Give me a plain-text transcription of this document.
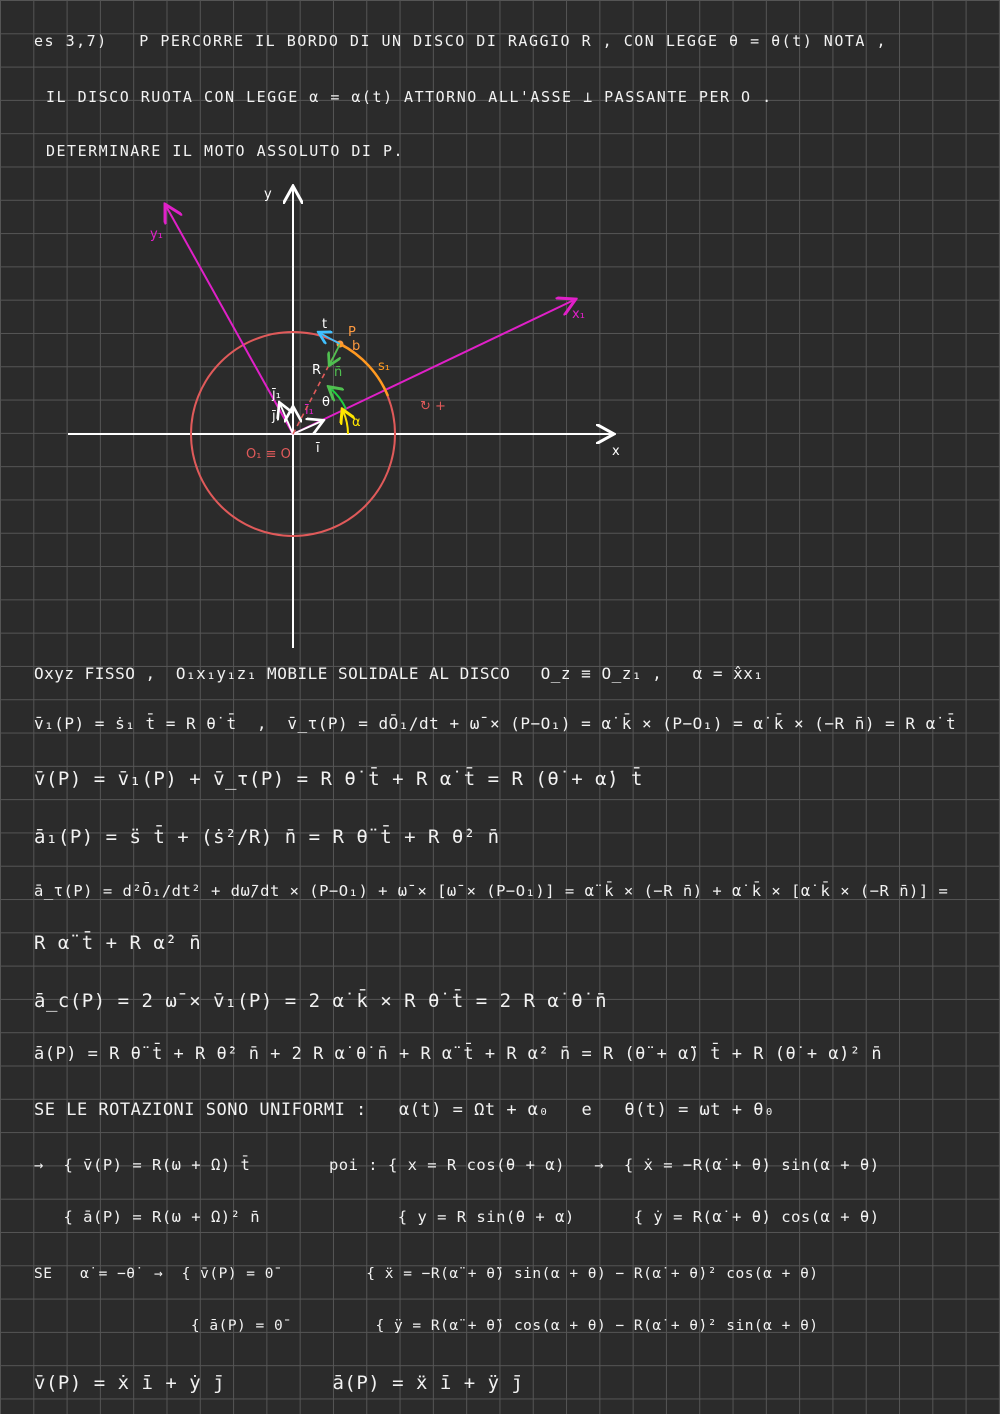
es 3,7)   P PERCORRE IL BORDO DI UN DISCO DI RAGGIO R , CON LEGGE θ = θ(t) NOTA ,
IL DISCO RUOTA CON LEGGE α = α(t) ATTORNO ALL'ASSE ⊥ PASSANTE PER O .
DETERMINARE IL MOTO ASSOLUTO DI P.
x
y
x₁
y₁
j̄₁
j̄ ī₁
ī
R
P
b
t
n̄	s₁
θ
α
↻ +
O₁ ≡ O
Oxyz FISSO ,  O₁x₁y₁z₁ MOBILE SOLIDALE AL DISCO   O_z ≡ O_z₁ ,   α = x̂x₁
v̄₁(P) = ṡ₁ t̄ = R θ̇ t̄  ,  v̄_τ(P) = dŌ₁/dt + ω̄ × (P−O₁) = α̇ k̄ × (P−O₁) = α̇ k̄ × (−R n̄) = R α̇ t̄
v̄(P) = v̄₁(P) + v̄_τ(P) = R θ̇ t̄ + R α̇ t̄ = R (θ̇ + α̇) t̄
ā₁(P) = s̈ t̄ + (ṡ²/R) n̄ = R θ̈ t̄ + R θ̇² n̄
ā_τ(P) = d²Ō₁/dt² + dω̄/dt × (P−O₁) + ω̄ × [ω̄ × (P−O₁)] = α̈ k̄ × (−R n̄) + α̇ k̄ × [α̇ k̄ × (−R n̄)] =
R α̈ t̄ + R α̇² n̄
ā_c(P) = 2 ω̄ × v̄₁(P) = 2 α̇ k̄ × R θ̇ t̄ = 2 R α̇ θ̇ n̄
ā(P) = R θ̈ t̄ + R θ̇² n̄ + 2 R α̇ θ̇ n̄ + R α̈ t̄ + R α̇² n̄ = R (θ̈ + α̈) t̄ + R (θ̇ + α̇)² n̄
SE LE ROTAZIONI SONO UNIFORMI :   α(t) = Ωt + α₀   e   θ(t) = ωt + θ₀
→  { v̄(P) = R(ω + Ω) t̄        poi : { x = R cos(θ + α)   →  { ẋ = −R(α̇ + θ̇) sin(α + θ)
{ ā(P) = R(ω + Ω)² n̄              { y = R sin(θ + α)      { ẏ = R(α̇ + θ̇) cos(α + θ)
SE   α̇ = −θ̇  →  { v̄(P) = 0̄          { ẍ = −R(α̈ + θ̈) sin(α + θ) − R(α̇ + θ̇)² cos(α + θ)
{ ā(P) = 0̄          { ÿ = R(α̈ + θ̈) cos(α + θ) − R(α̇ + θ̇)² sin(α + θ)
v̄(P) = ẋ ī + ẏ j̄         ā(P) = ẍ ī + ÿ j̄
